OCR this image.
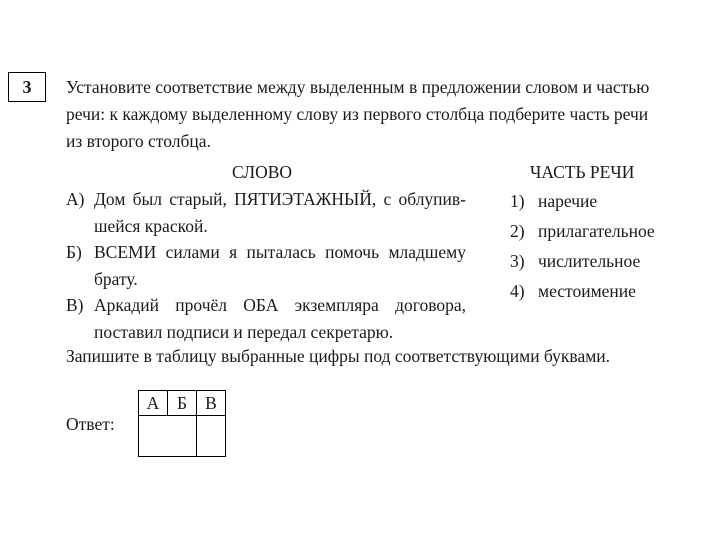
3	Установите соответствие между выделенным в предложении словом и частью речи: к каждому выделенному слову из первого столбца подберите часть речи из второго столбца.

СЛОВО	ЧАСТЬ РЕЧИ
А) Дом был старый, ПЯТИЭТАЖНЫЙ, с облупив-шейся краской.
Б) ВСЕМИ силами я пыталась помочь младшему брату.
В) Аркадий прочёл ОБА экземпляра договора, поставил подписи и передал секретарю.
1) наречие
2) прилагательное
3) числительное
4) местоимение
Запишите в таблицу выбранные цифры под соответствующими буквами.
Ответ:
А	Б	В
